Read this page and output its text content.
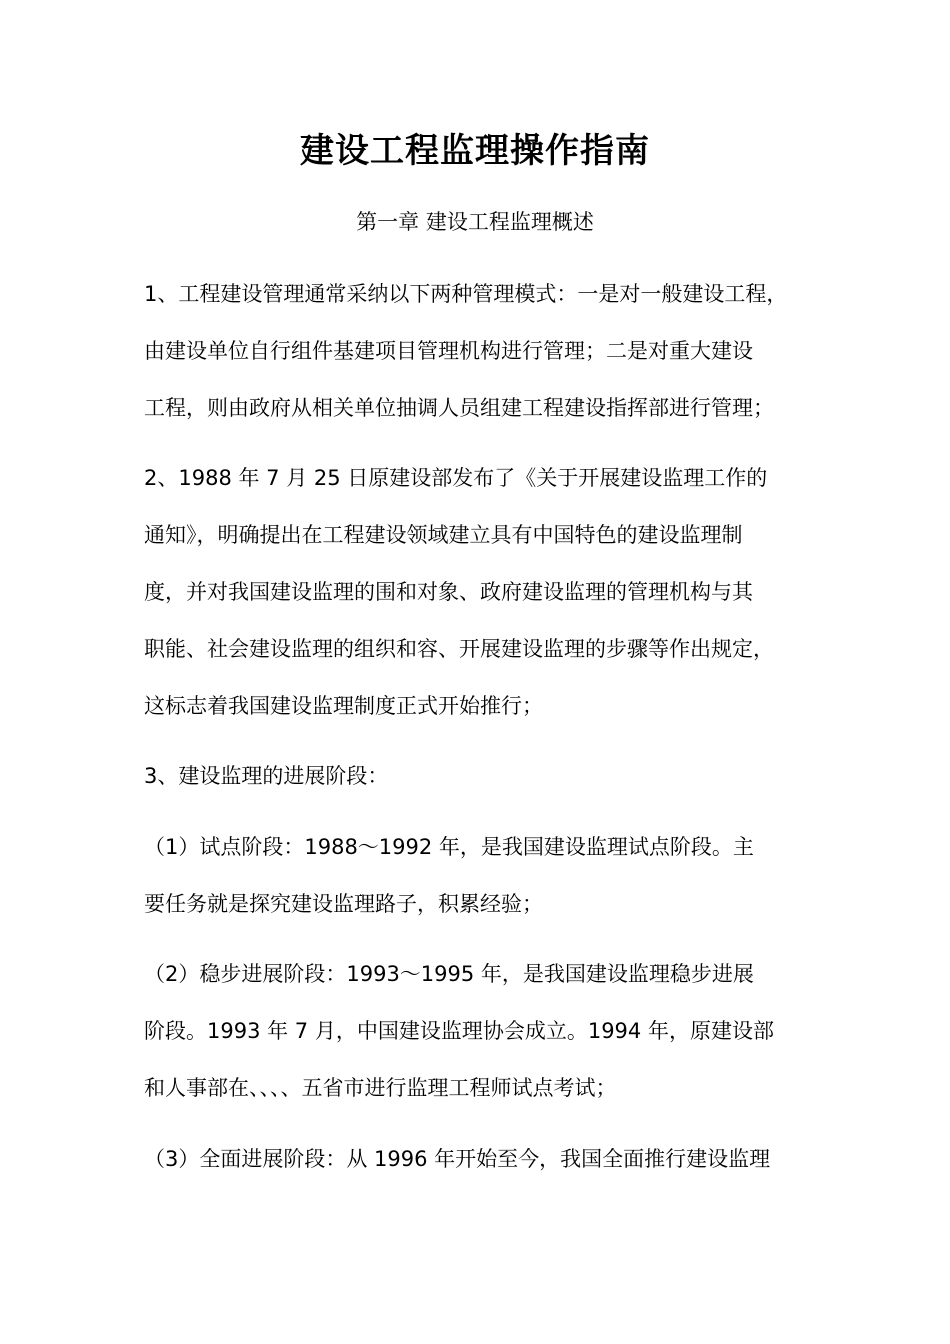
建设工程监理操作指南
第一章 建设工程监理概述
1、工程建设管理通常采纳以下两种管理模式：一是对一般建设工程，
由建设单位自行组件基建项目管理机构进行管理；二是对重大建设
工程，则由政府从相关单位抽调人员组建工程建设指挥部进行管理；
2、1988 年 7 月 25 日原建设部发布了《关于开展建设监理工作的
通知》，明确提出在工程建设领域建立具有中国特色的建设监理制
度，并对我国建设监理的围和对象、政府建设监理的管理机构与其
职能、社会建设监理的组织和容、开展建设监理的步骤等作出规定，
这标志着我国建设监理制度正式开始推行；
3、建设监理的进展阶段：
（1）试点阶段：1988～1992 年，是我国建设监理试点阶段。主
要任务就是探究建设监理路子，积累经验；
（2）稳步进展阶段：1993～1995 年，是我国建设监理稳步进展
阶段。1993 年 7 月，中国建设监理协会成立。1994 年，原建设部
和人事部在、、、、五省市进行监理工程师试点考试；
（3）全面进展阶段：从 1996 年开始至今，我国全面推行建设监理
